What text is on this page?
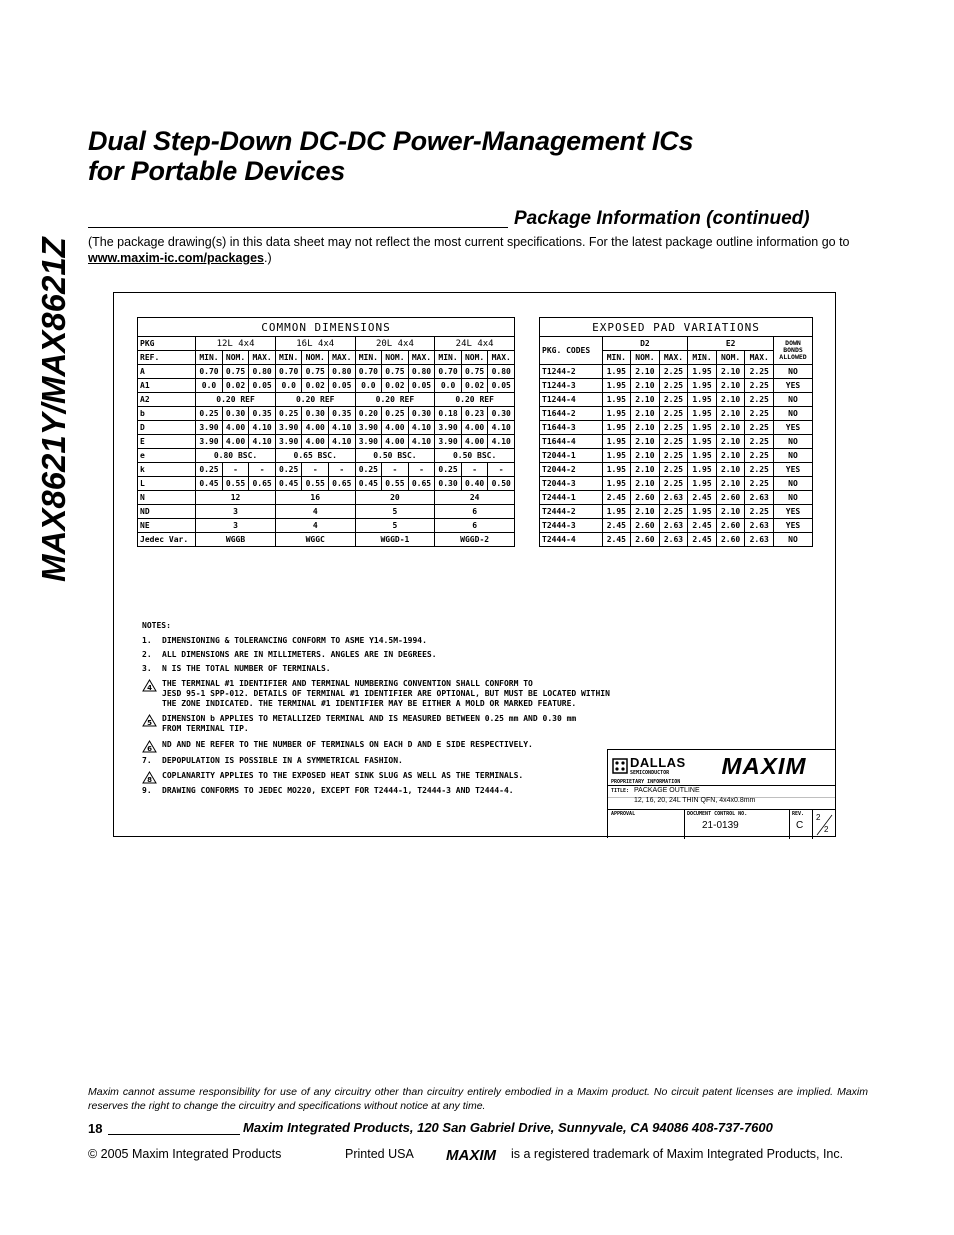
MAX8621Y/MAX8621Z
Dual Step-Down DC-DC Power-Management ICs
for Portable Devices
Package Information (continued)
(The package drawing(s) in this data sheet may not reflect the most current specifications. For the latest package outline information go to www.maxim-ic.com/packages.)
COMMON DIMENSIONS												
PKG	12L 4x4			16L 4x4			20L 4x4			24L 4x4		
REF.	MIN.	NOM.	MAX.	MIN.	NOM.	MAX.	MIN.	NOM.	MAX.	MIN.	NOM.	MAX.
A	0.70	0.75	0.80	0.70	0.75	0.80	0.70	0.75	0.80	0.70	0.75	0.80
A1	0.0	0.02	0.05	0.0	0.02	0.05	0.0	0.02	0.05	0.0	0.02	0.05
A2	0.20 REF			0.20 REF			0.20 REF			0.20 REF		
b	0.25	0.30	0.35	0.25	0.30	0.35	0.20	0.25	0.30	0.18	0.23	0.30
D	3.90	4.00	4.10	3.90	4.00	4.10	3.90	4.00	4.10	3.90	4.00	4.10
E	3.90	4.00	4.10	3.90	4.00	4.10	3.90	4.00	4.10	3.90	4.00	4.10
e	0.80 BSC.			0.65 BSC.			0.50 BSC.			0.50 BSC.		
k	0.25	-	-	0.25	-	-	0.25	-	-	0.25	-	-
L	0.45	0.55	0.65	0.45	0.55	0.65	0.45	0.55	0.65	0.30	0.40	0.50
N	12			16			20			24		
ND	3			4			5			6		
NE	3			4			5			6		
Jedec Var.	WGGB			WGGC			WGGD-1			WGGD-2		
EXPOSED PAD VARIATIONS							
PKG. CODES	D2			E2			DOWN BONDS ALLOWED
	MIN.	NOM.	MAX.	MIN.	NOM.	MAX.	
T1244-2	1.95	2.10	2.25	1.95	2.10	2.25	NO
T1244-3	1.95	2.10	2.25	1.95	2.10	2.25	YES
T1244-4	1.95	2.10	2.25	1.95	2.10	2.25	NO
T1644-2	1.95	2.10	2.25	1.95	2.10	2.25	NO
T1644-3	1.95	2.10	2.25	1.95	2.10	2.25	YES
T1644-4	1.95	2.10	2.25	1.95	2.10	2.25	NO
T2044-1	1.95	2.10	2.25	1.95	2.10	2.25	NO
T2044-2	1.95	2.10	2.25	1.95	2.10	2.25	YES
T2044-3	1.95	2.10	2.25	1.95	2.10	2.25	NO
T2444-1	2.45	2.60	2.63	2.45	2.60	2.63	NO
T2444-2	1.95	2.10	2.25	1.95	2.10	2.25	YES
T2444-3	2.45	2.60	2.63	2.45	2.60	2.63	YES
T2444-4	2.45	2.60	2.63	2.45	2.60	2.63	NO
NOTES:
1. DIMENSIONING & TOLERANCING CONFORM TO ASME Y14.5M-1994.
2. ALL DIMENSIONS ARE IN MILLIMETERS. ANGLES ARE IN DEGREES.
3. N IS THE TOTAL NUMBER OF TERMINALS.
4 THE TERMINAL #1 IDENTIFIER AND TERMINAL NUMBERING CONVENTION SHALL CONFORM TO
JESD 95-1 SPP-012. DETAILS OF TERMINAL #1 IDENTIFIER ARE OPTIONAL, BUT MUST BE LOCATED WITHIN
THE ZONE INDICATED. THE TERMINAL #1 IDENTIFIER MAY BE EITHER A MOLD OR MARKED FEATURE.
5 DIMENSION b APPLIES TO METALLIZED TERMINAL AND IS MEASURED BETWEEN 0.25 mm AND 0.30 mm
FROM TERMINAL TIP.
6 ND AND NE REFER TO THE NUMBER OF TERMINALS ON EACH D AND E SIDE RESPECTIVELY.
7. DEPOPULATION IS POSSIBLE IN A SYMMETRICAL FASHION.
8 COPLANARITY APPLIES TO THE EXPOSED HEAT SINK SLUG AS WELL AS THE TERMINALS.
9. DRAWING CONFORMS TO JEDEC MO220, EXCEPT FOR T2444-1, T2444-3 AND T2444-4.
DALLAS
SEMICONDUCTOR MAXIM
PROPRIETARY INFORMATION
TITLE: PACKAGE OUTLINE
12, 16, 20, 24L THIN QFN, 4x4x0.8mm
APPROVAL	DOCUMENT CONTROL NO.
21-0139
REV.
C
2
2
Maxim cannot assume responsibility for use of any circuitry other than circuitry entirely embodied in a Maxim product. No circuit patent licenses are implied. Maxim reserves the right to change the circuitry and specifications without notice at any time.
18	Maxim Integrated Products, 120 San Gabriel Drive, Sunnyvale, CA 94086 408-737-7600
© 2005 Maxim Integrated Products	Printed USA MAXIM is a registered trademark of Maxim Integrated Products, Inc.
